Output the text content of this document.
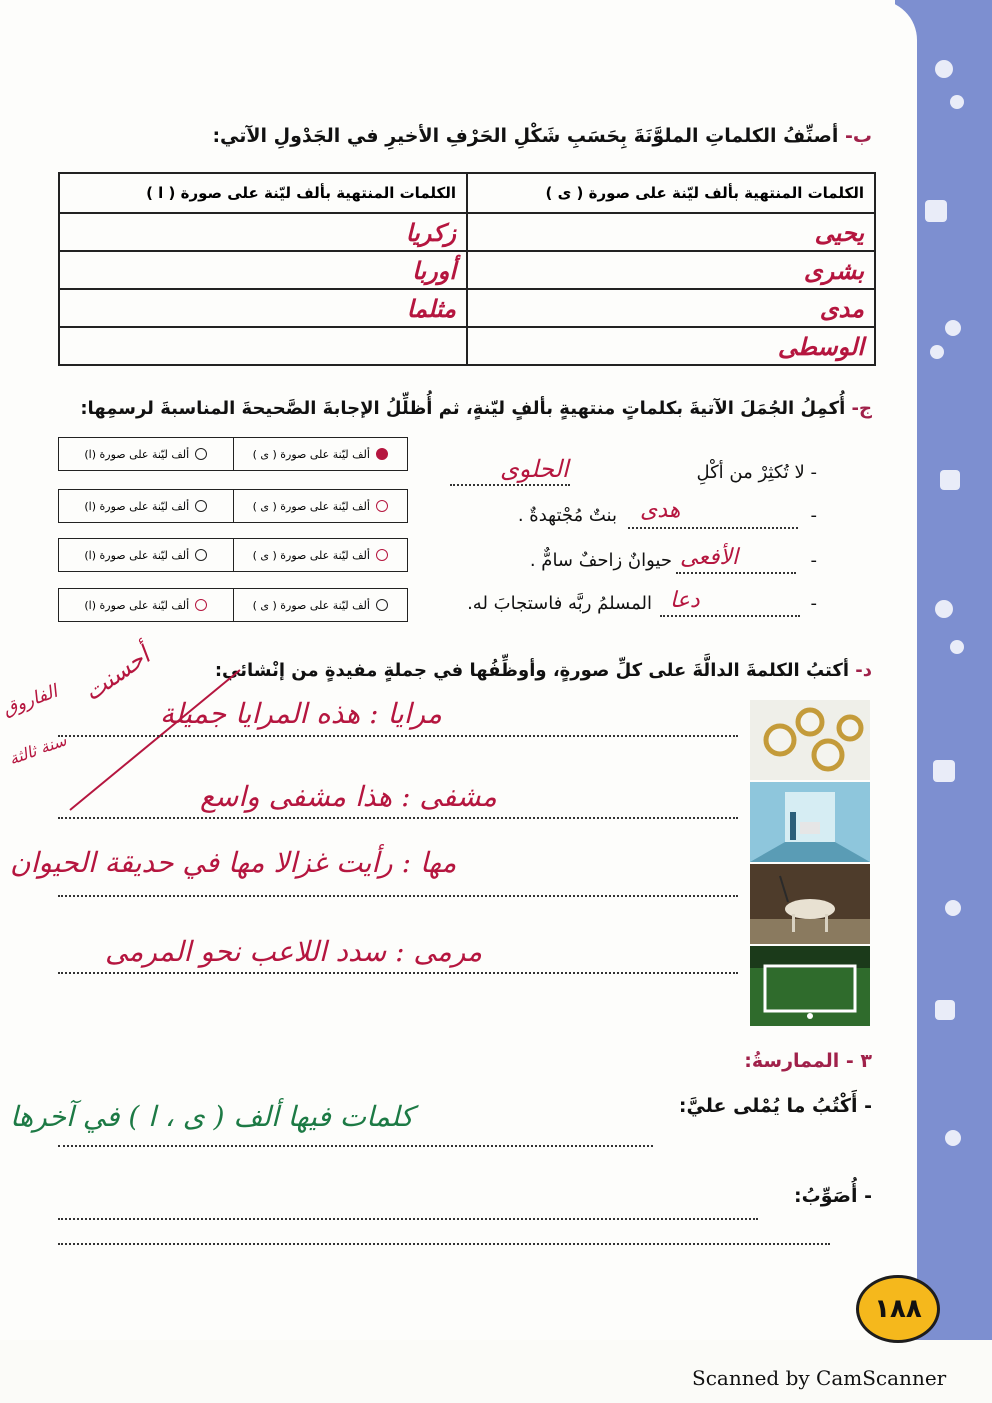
ب- أصنِّفُ الكلماتِ الملوَّنَةَ بِحَسَبِ شَكْلِ الحَرْفِ الأخيرِ في الجَدْولِ الآتي:
الكلمات المنتهية بألف ليّنة على صورة ( ى )	الكلمات المنتهية بألف ليّنة على صورة ( ا )
يحيى	زكريا
بشرى	أوربا
مدى	مثلما
الوسطى	
ج- أُكمِلُ الجُمَلَ الآتيةَ بكلماتٍ منتهيةٍ بألفٍ ليّنةٍ، ثم أُظلِّلُ الإجابةَ الصَّحيحةَ المناسبةَ لرسمِها:
ألف ليّنة على صورة ( ى )
ألف ليّنة على صورة (ا)
ألف ليّنة على صورة ( ى )
ألف ليّنة على صورة (ا)
ألف ليّنة على صورة ( ى )
ألف ليّنة على صورة (ا)
ألف ليّنة على صورة ( ى )
ألف ليّنة على صورة (ا)
- لا تُكثِرْ من أكْلِ
الحلوى
-
هدى
بنتٌ مُجْتهدةٌ .
-
الأفعى
حيوانٌ زاحفٌ سامٌّ .
-
دعا
المسلمُ ربَّه فاستجابَ له.
د- أكتبُ الكلمةَ الدالَّةَ على كلِّ صورةٍ، وأوظِّفُها في جملةٍ مفيدةٍ من إنْشائي:
أحسنت
الفاروق
سنة ثالثة
مرايا : هذه المرايا جميلة
مشفى : هذا مشفى واسع
مها : رأيت غزالا مها في حديقة الحيوان
مرمى : سدد اللاعب نحو المرمى
٣ - الممارسةُ:
- أَكْتُبُ ما يُمْلى عليَّ:
كلمات فيها ألف ( ى ، ا ) في آخرها
- أُصَوِّبُ:
١٨٨
Scanned by CamScanner
